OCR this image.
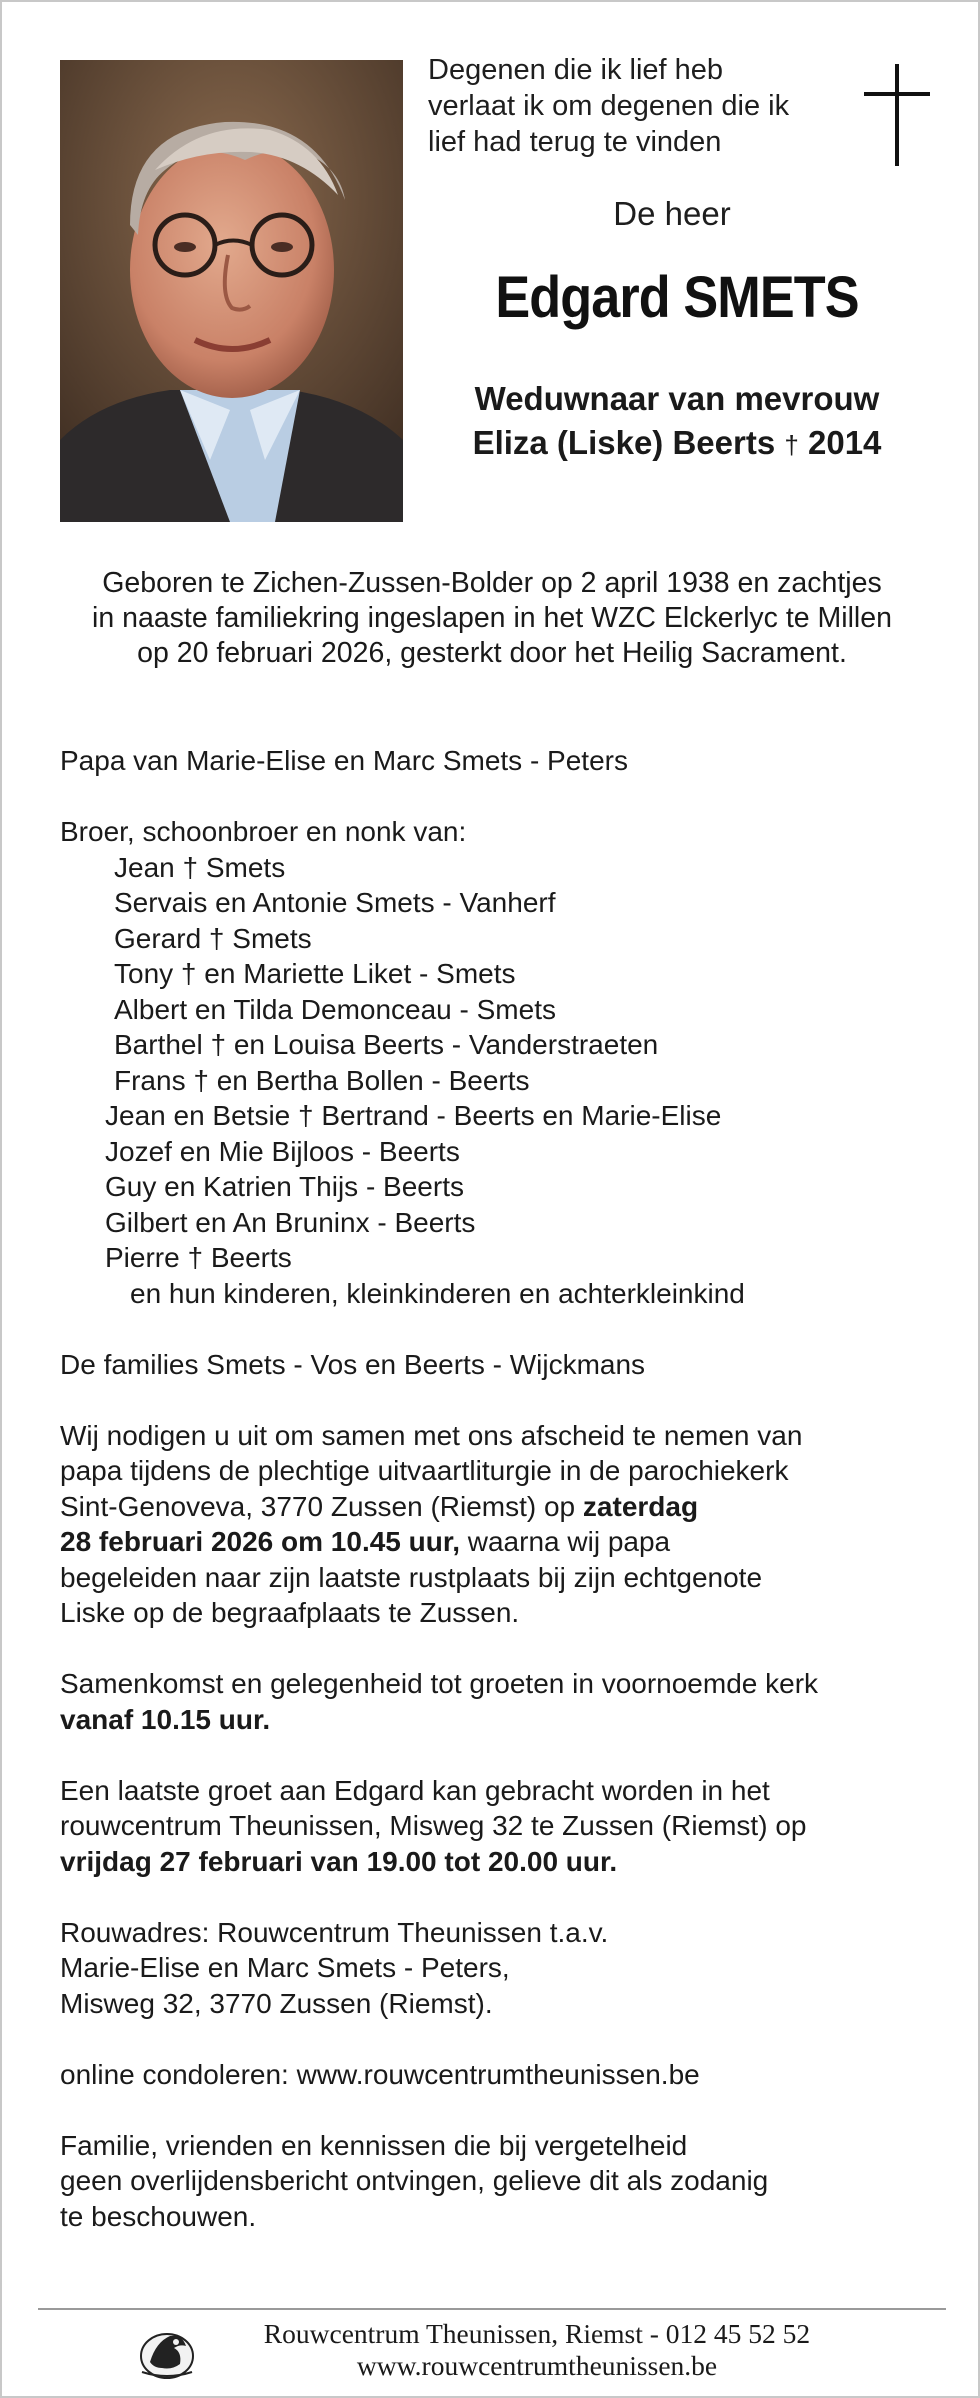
Degenen die ik lief heb
verlaat ik om degenen die ik
lief had terug te vinden
De heer
Edgard SMETS
Weduwnaar van mevrouw
Eliza (Liske) Beerts † 2014
Geboren te Zichen-Zussen-Bolder op 2 april 1938 en zachtjes
in naaste familiekring ingeslapen in het WZC Elckerlyc te Millen
op 20 februari 2026, gesterkt door het Heilig Sacrament.
Papa van Marie-Elise en Marc Smets - Peters
Broer, schoonbroer en nonk van:
Jean † Smets
Servais en Antonie Smets - Vanherf
Gerard † Smets
Tony † en Mariette Liket - Smets
Albert en Tilda Demonceau - Smets
Barthel † en Louisa Beerts - Vanderstraeten
Frans † en Bertha Bollen - Beerts
Jean en Betsie † Bertrand - Beerts en Marie-Elise
Jozef en Mie Bijloos - Beerts
Guy en Katrien Thijs - Beerts
Gilbert en An Bruninx - Beerts
Pierre † Beerts
en hun kinderen, kleinkinderen en achterkleinkind
De families Smets - Vos en Beerts - Wijckmans
Wij nodigen u uit om samen met ons afscheid te nemen van
papa tijdens de plechtige uitvaartliturgie in de parochiekerk
Sint-Genoveva, 3770 Zussen (Riemst) op zaterdag
28 februari 2026 om 10.45 uur, waarna wij papa
begeleiden naar zijn laatste rustplaats bij zijn echtgenote
Liske op de begraafplaats te Zussen.
Samenkomst en gelegenheid tot groeten in voornoemde kerk
vanaf 10.15 uur.
Een laatste groet aan Edgard kan gebracht worden in het
rouwcentrum Theunissen, Misweg 32 te Zussen (Riemst) op
vrijdag 27 februari van 19.00 tot 20.00 uur.
Rouwadres: Rouwcentrum Theunissen t.a.v.
Marie-Elise en Marc Smets - Peters,
Misweg 32, 3770 Zussen (Riemst).
online condoleren: www.rouwcentrumtheunissen.be
Familie, vrienden en kennissen die bij vergetelheid
geen overlijdensbericht ontvingen, gelieve dit als zodanig
te beschouwen.
Rouwcentrum Theunissen, Riemst - 012 45 52 52
www.rouwcentrumtheunissen.be
